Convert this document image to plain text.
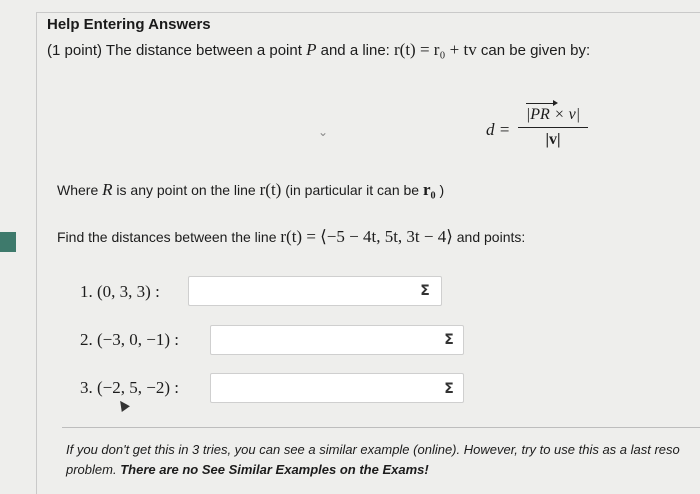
Help Entering Answers
(1 point) The distance between a point P and a line: r(t) = r₀ + tv can be given by:
⌄	d =
|PR × v|
|v|
Where R is any point on the line r(t) (in particular it can be r₀ )
Find the distances between the line r(t) = ⟨−5 − 4t, 5t, 3t − 4⟩ and points:
1. (0, 3, 3) :	Σ
2. (−3, 0, −1) :	Σ
3. (−2, 5, −2) :	Σ
If you don't get this in 3 tries, you can see a similar example (online). However, try to use this as a last reso
problem. There are no See Similar Examples on the Exams!
